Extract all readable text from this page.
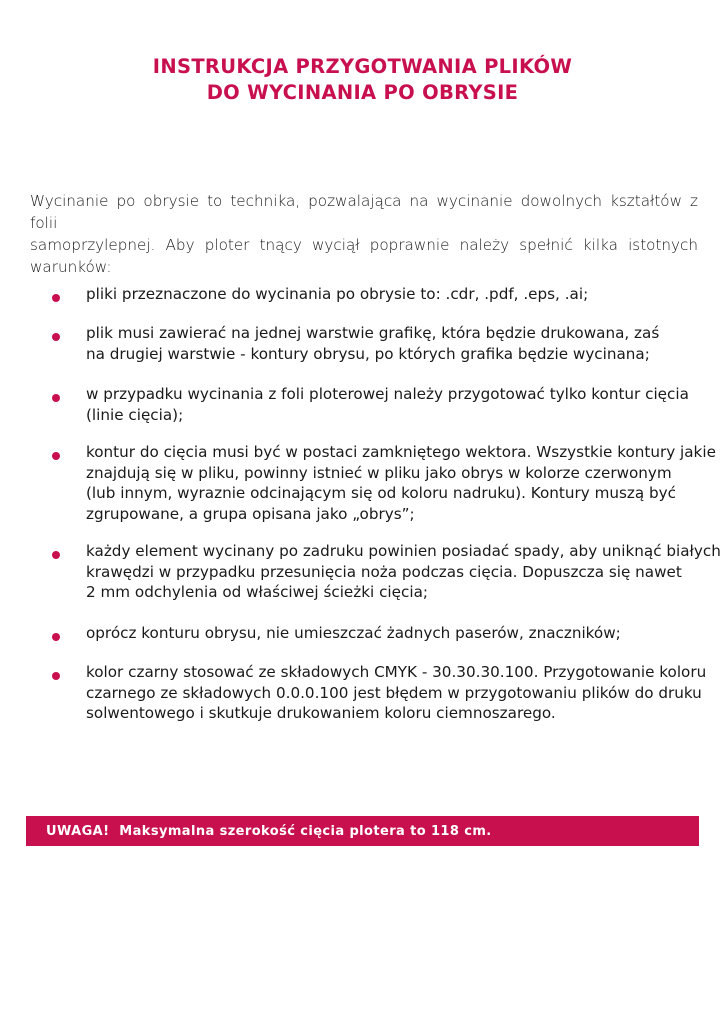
INSTRUKCJA PRZYGOTWANIA PLIKÓW
DO WYCINANIA PO OBRYSIE
Wycinanie po obrysie to technika, pozwalająca na wycinanie dowolnych kształtów z folii
samoprzylepnej. Aby ploter tnący wyciął poprawnie należy spełnić kilka istotnych
warunków:
pliki przeznaczone do wycinania po obrysie to: .cdr, .pdf, .eps, .ai;
plik musi zawierać na jednej warstwie grafikę, która będzie drukowana, zaś
na drugiej warstwie - kontury obrysu, po których grafika będzie wycinana;
w przypadku wycinania z foli ploterowej należy przygotować tylko kontur cięcia
(linie cięcia);
kontur do cięcia musi być w postaci zamkniętego wektora. Wszystkie kontury jakie
znajdują się w pliku, powinny istnieć w pliku jako obrys w kolorze czerwonym
(lub innym, wyraznie odcinającym się od koloru nadruku). Kontury muszą być
zgrupowane, a grupa opisana jako „obrys”;
każdy element wycinany po zadruku powinien posiadać spady, aby uniknąć białych
krawędzi w przypadku przesunięcia noża podczas cięcia. Dopuszcza się nawet
2 mm odchylenia od właściwej ścieżki cięcia;
oprócz konturu obrysu, nie umieszczać żadnych paserów, znaczników;
kolor czarny stosować ze składowych CMYK - 30.30.30.100. Przygotowanie koloru
czarnego ze składowych 0.0.0.100 jest błędem w przygotowaniu plików do druku
solwentowego i skutkuje drukowaniem koloru ciemnoszarego.
UWAGA!  Maksymalna szerokość cięcia plotera to 118 cm.
